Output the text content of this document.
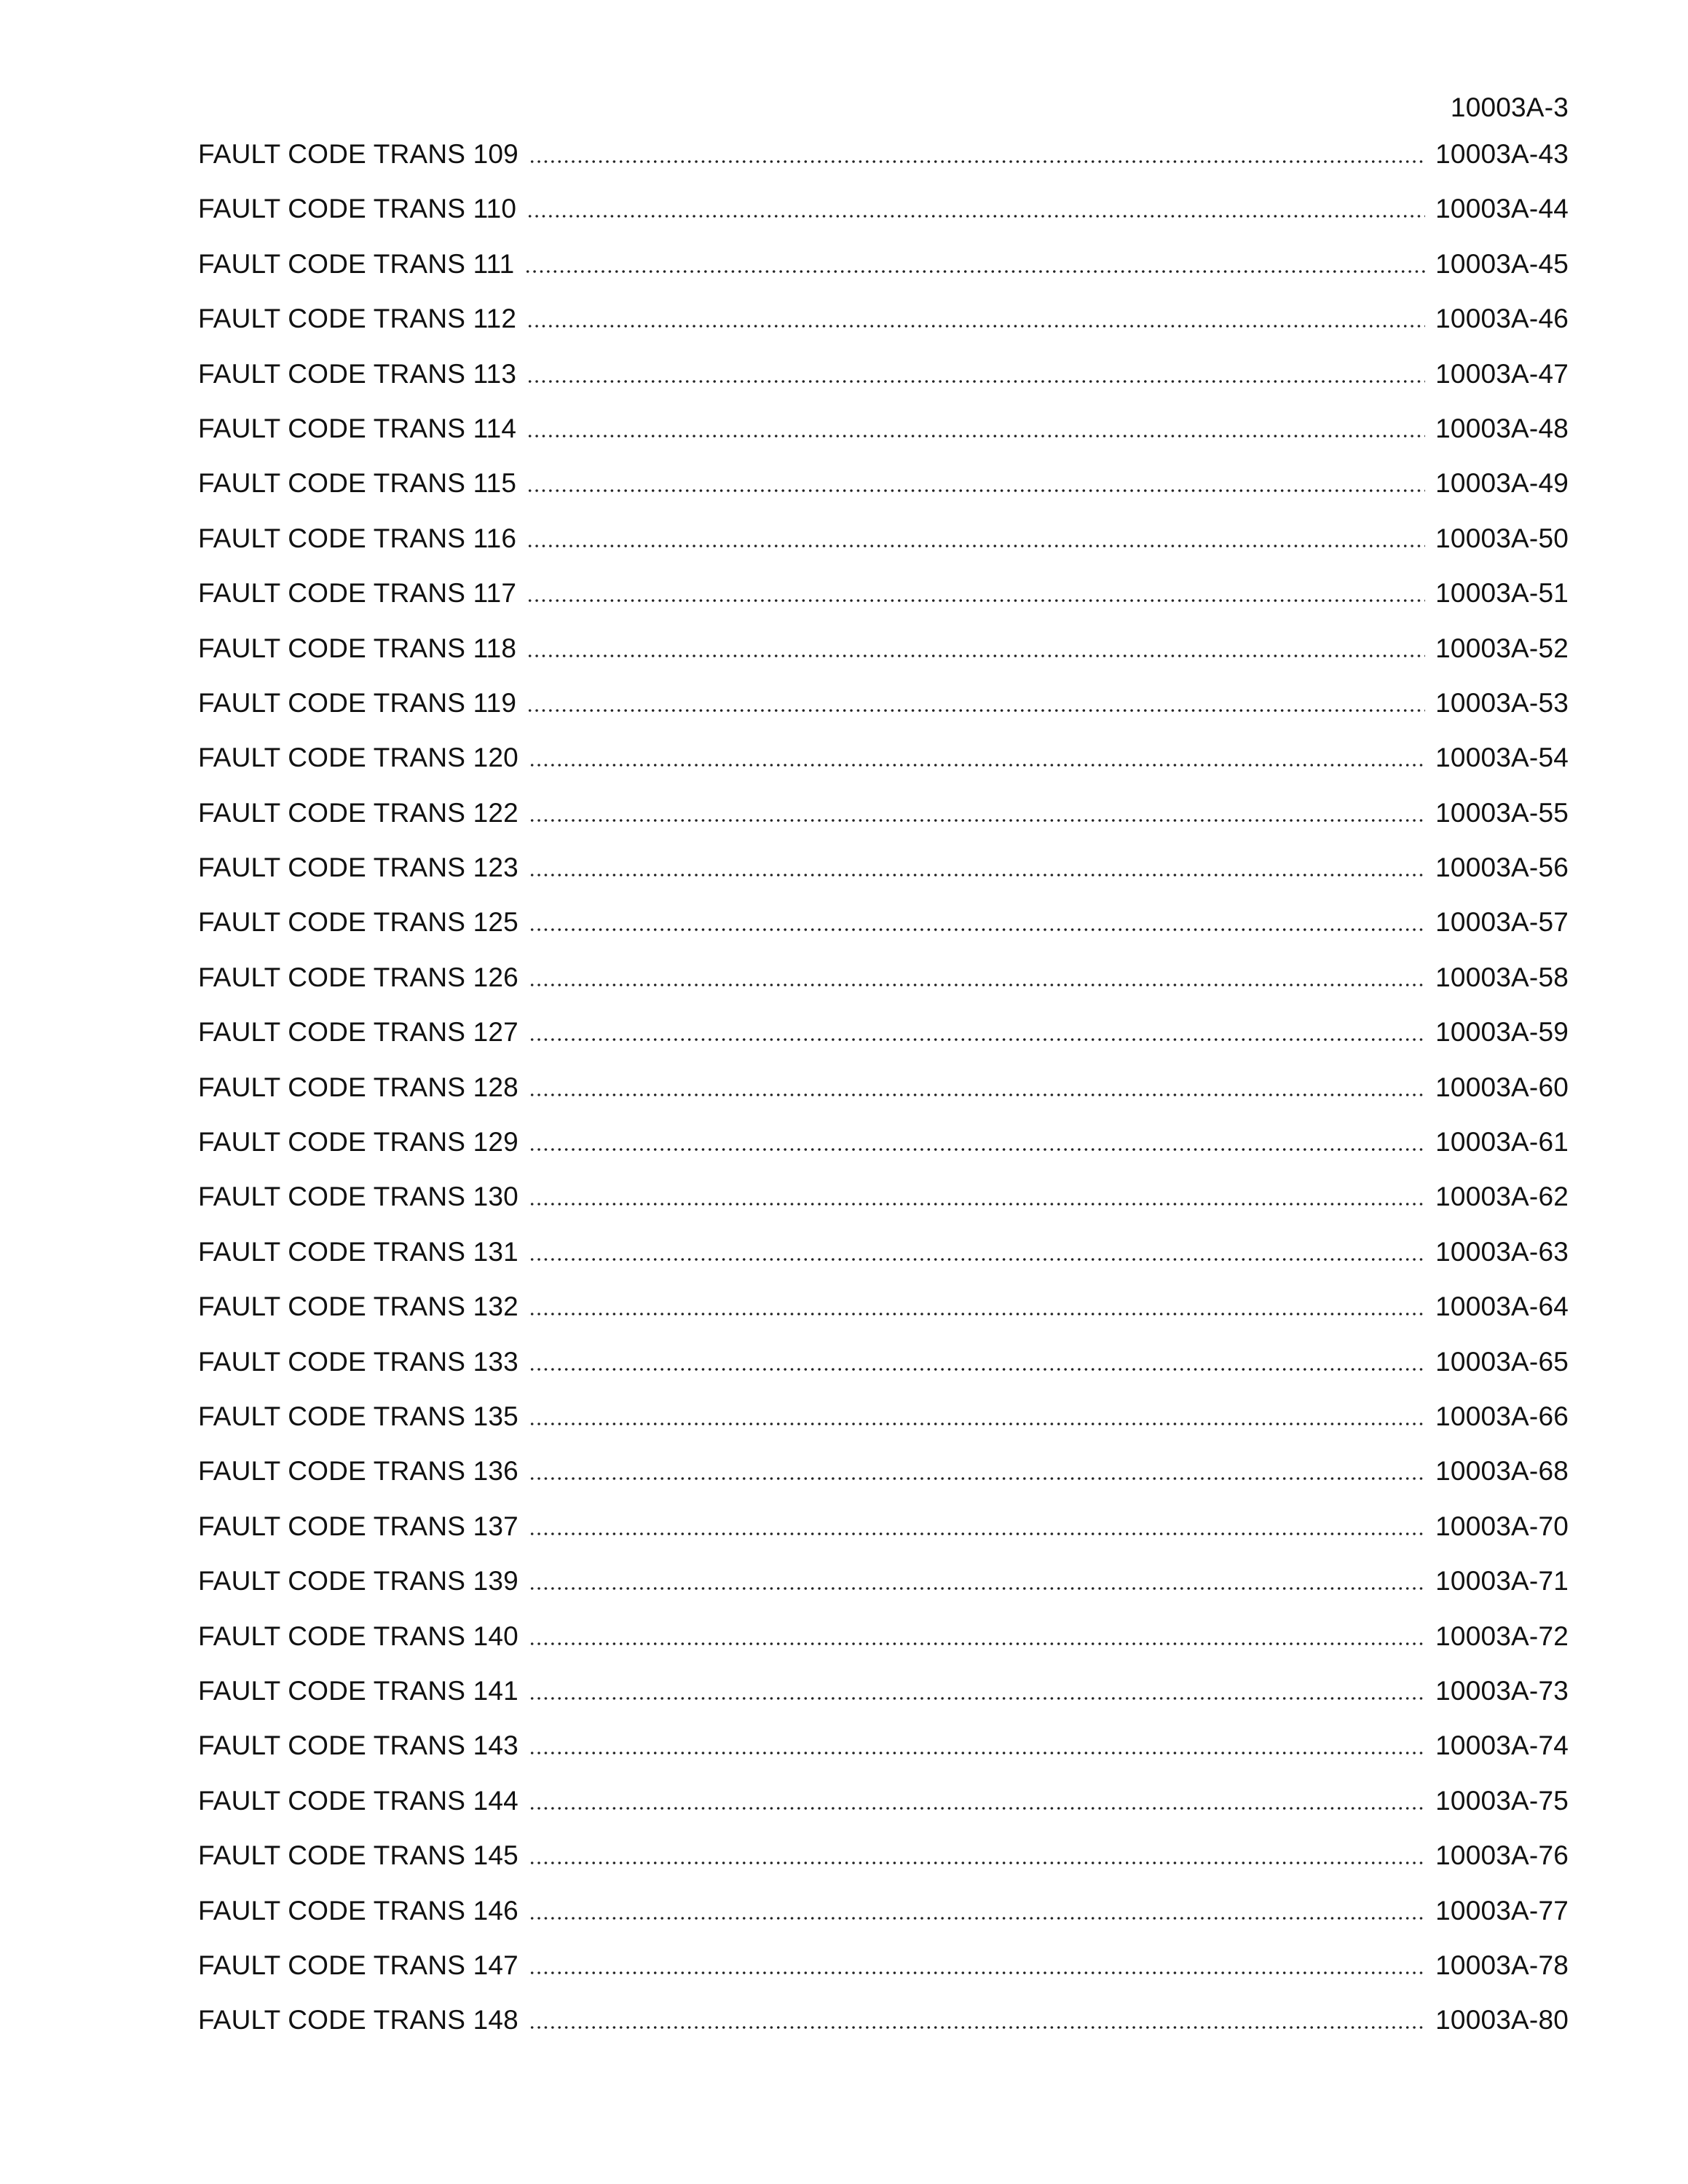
10003A-3
FAULT CODE TRANS 109	10003A-43
FAULT CODE TRANS 110	10003A-44
FAULT CODE TRANS 111	10003A-45
FAULT CODE TRANS 112	10003A-46
FAULT CODE TRANS 113	10003A-47
FAULT CODE TRANS 114	10003A-48
FAULT CODE TRANS 115	10003A-49
FAULT CODE TRANS 116	10003A-50
FAULT CODE TRANS 117	10003A-51
FAULT CODE TRANS 118	10003A-52
FAULT CODE TRANS 119	10003A-53
FAULT CODE TRANS 120	10003A-54
FAULT CODE TRANS 122	10003A-55
FAULT CODE TRANS 123	10003A-56
FAULT CODE TRANS 125	10003A-57
FAULT CODE TRANS 126	10003A-58
FAULT CODE TRANS 127	10003A-59
FAULT CODE TRANS 128	10003A-60
FAULT CODE TRANS 129	10003A-61
FAULT CODE TRANS 130	10003A-62
FAULT CODE TRANS 131	10003A-63
FAULT CODE TRANS 132	10003A-64
FAULT CODE TRANS 133	10003A-65
FAULT CODE TRANS 135	10003A-66
FAULT CODE TRANS 136	10003A-68
FAULT CODE TRANS 137	10003A-70
FAULT CODE TRANS 139	10003A-71
FAULT CODE TRANS 140	10003A-72
FAULT CODE TRANS 141	10003A-73
FAULT CODE TRANS 143	10003A-74
FAULT CODE TRANS 144	10003A-75
FAULT CODE TRANS 145	10003A-76
FAULT CODE TRANS 146	10003A-77
FAULT CODE TRANS 147	10003A-78
FAULT CODE TRANS 148	10003A-80
